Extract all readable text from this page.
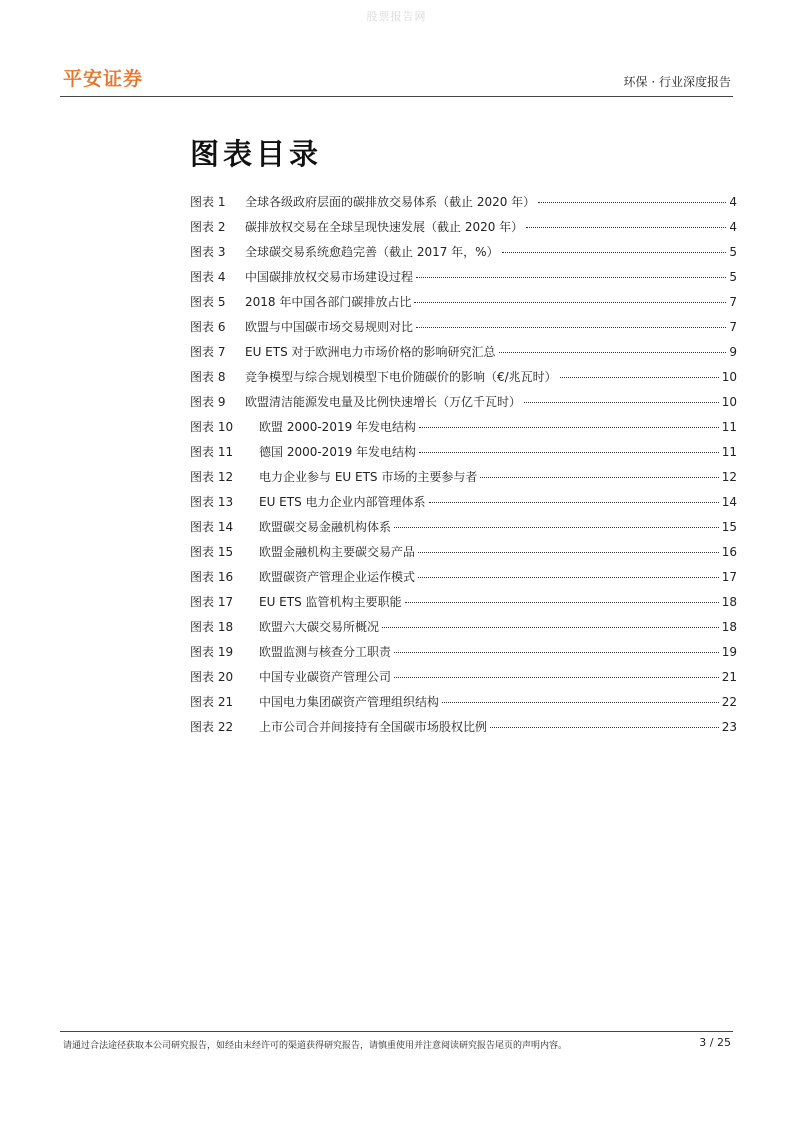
股票报告网
平安证券	环保 · 行业深度报告
图表目录
图表 1	全球各级政府层面的碳排放交易体系（截止 2020 年）	4
图表 2	碳排放权交易在全球呈现快速发展（截止 2020 年）	4
图表 3	全球碳交易系统愈趋完善（截止 2017 年，%）	5
图表 4	中国碳排放权交易市场建设过程	5
图表 5	2018 年中国各部门碳排放占比	7
图表 6	欧盟与中国碳市场交易规则对比	7
图表 7	EU ETS 对于欧洲电力市场价格的影响研究汇总	9
图表 8	竞争模型与综合规划模型下电价随碳价的影响（€/兆瓦时）	10
图表 9	欧盟清洁能源发电量及比例快速增长（万亿千瓦时）	10
图表 10	欧盟 2000-2019 年发电结构	11
图表 11	德国 2000-2019 年发电结构	11
图表 12	电力企业参与 EU ETS 市场的主要参与者	12
图表 13	EU ETS 电力企业内部管理体系	14
图表 14	欧盟碳交易金融机构体系	15
图表 15	欧盟金融机构主要碳交易产品	16
图表 16	欧盟碳资产管理企业运作模式	17
图表 17	EU ETS 监管机构主要职能	18
图表 18	欧盟六大碳交易所概况	18
图表 19	欧盟监测与核查分工职责	19
图表 20	中国专业碳资产管理公司	21
图表 21	中国电力集团碳资产管理组织结构	22
图表 22	上市公司合并间接持有全国碳市场股权比例	23
请通过合法途径获取本公司研究报告，如经由未经许可的渠道获得研究报告，请慎重使用并注意阅读研究报告尾页的声明内容。	3 / 25
